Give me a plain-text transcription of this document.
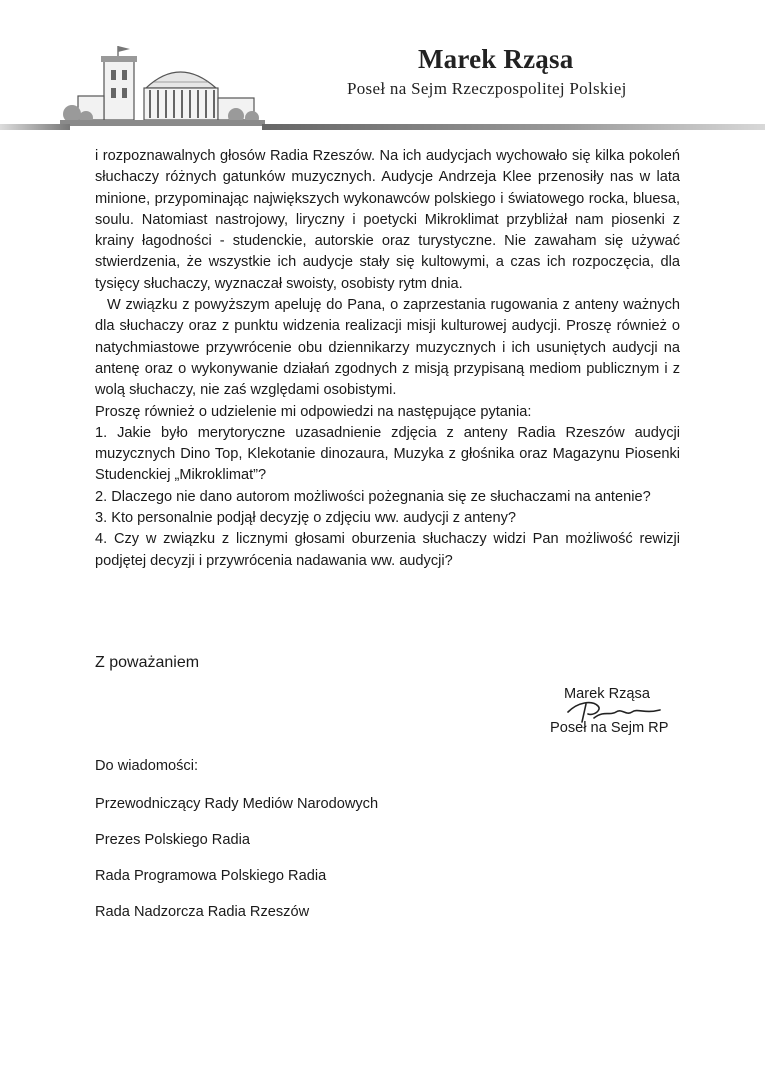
Marek Rząsa
Poseł na Sejm Rzeczpospolitej Polskiej

i rozpoznawalnych głosów Radia Rzeszów. Na ich audycjach wychowało się kilka pokoleń słuchaczy różnych gatunków muzycznych. Audycje Andrzeja Klee przenosiły nas w lata minione, przypominając największych wykonawców polskiego i światowego rocka, bluesa, soulu. Natomiast nastrojowy, liryczny i poetycki Mikroklimat przybliżał nam piosenki z krainy łagodności - studenckie, autorskie oraz turystyczne. Nie zawaham się używać stwierdzenia, że wszystkie ich audycje stały się kultowymi, a czas ich rozpoczęcia, dla tysięcy słuchaczy, wyznaczał swoisty, osobisty rytm dnia.

W związku z powyższym apeluję do Pana, o zaprzestania rugowania z anteny ważnych dla słuchaczy oraz z punktu widzenia realizacji misji kulturowej audycji. Proszę również o natychmiastowe przywrócenie obu dziennikarzy muzycznych i ich usuniętych audycji na antenę oraz o wykonywanie działań zgodnych z misją przypisaną mediom publicznym i z wolą słuchaczy, nie zaś względami osobistymi.

Proszę również o udzielenie mi odpowiedzi na następujące pytania:

1. Jakie było merytoryczne uzasadnienie zdjęcia z anteny Radia Rzeszów audycji muzycznych Dino Top, Klekotanie dinozaura, Muzyka z głośnika oraz Magazynu Piosenki Studenckiej „Mikroklimat”?

2. Dlaczego nie dano autorom możliwości pożegnania się ze słuchaczami na antenie?

3. Kto personalnie podjął decyzję o zdjęciu ww. audycji z anteny?

4. Czy w związku z licznymi głosami oburzenia słuchaczy widzi Pan możliwość rewizji podjętej decyzji i przywrócenia nadawania ww. audycji?

Z poważaniem
Marek Rząsa
Poseł na Sejm RP
Do wiadomości:
Przewodniczący Rady Mediów Narodowych
Prezes Polskiego Radia
Rada Programowa Polskiego Radia
Rada Nadzorcza Radia Rzeszów
